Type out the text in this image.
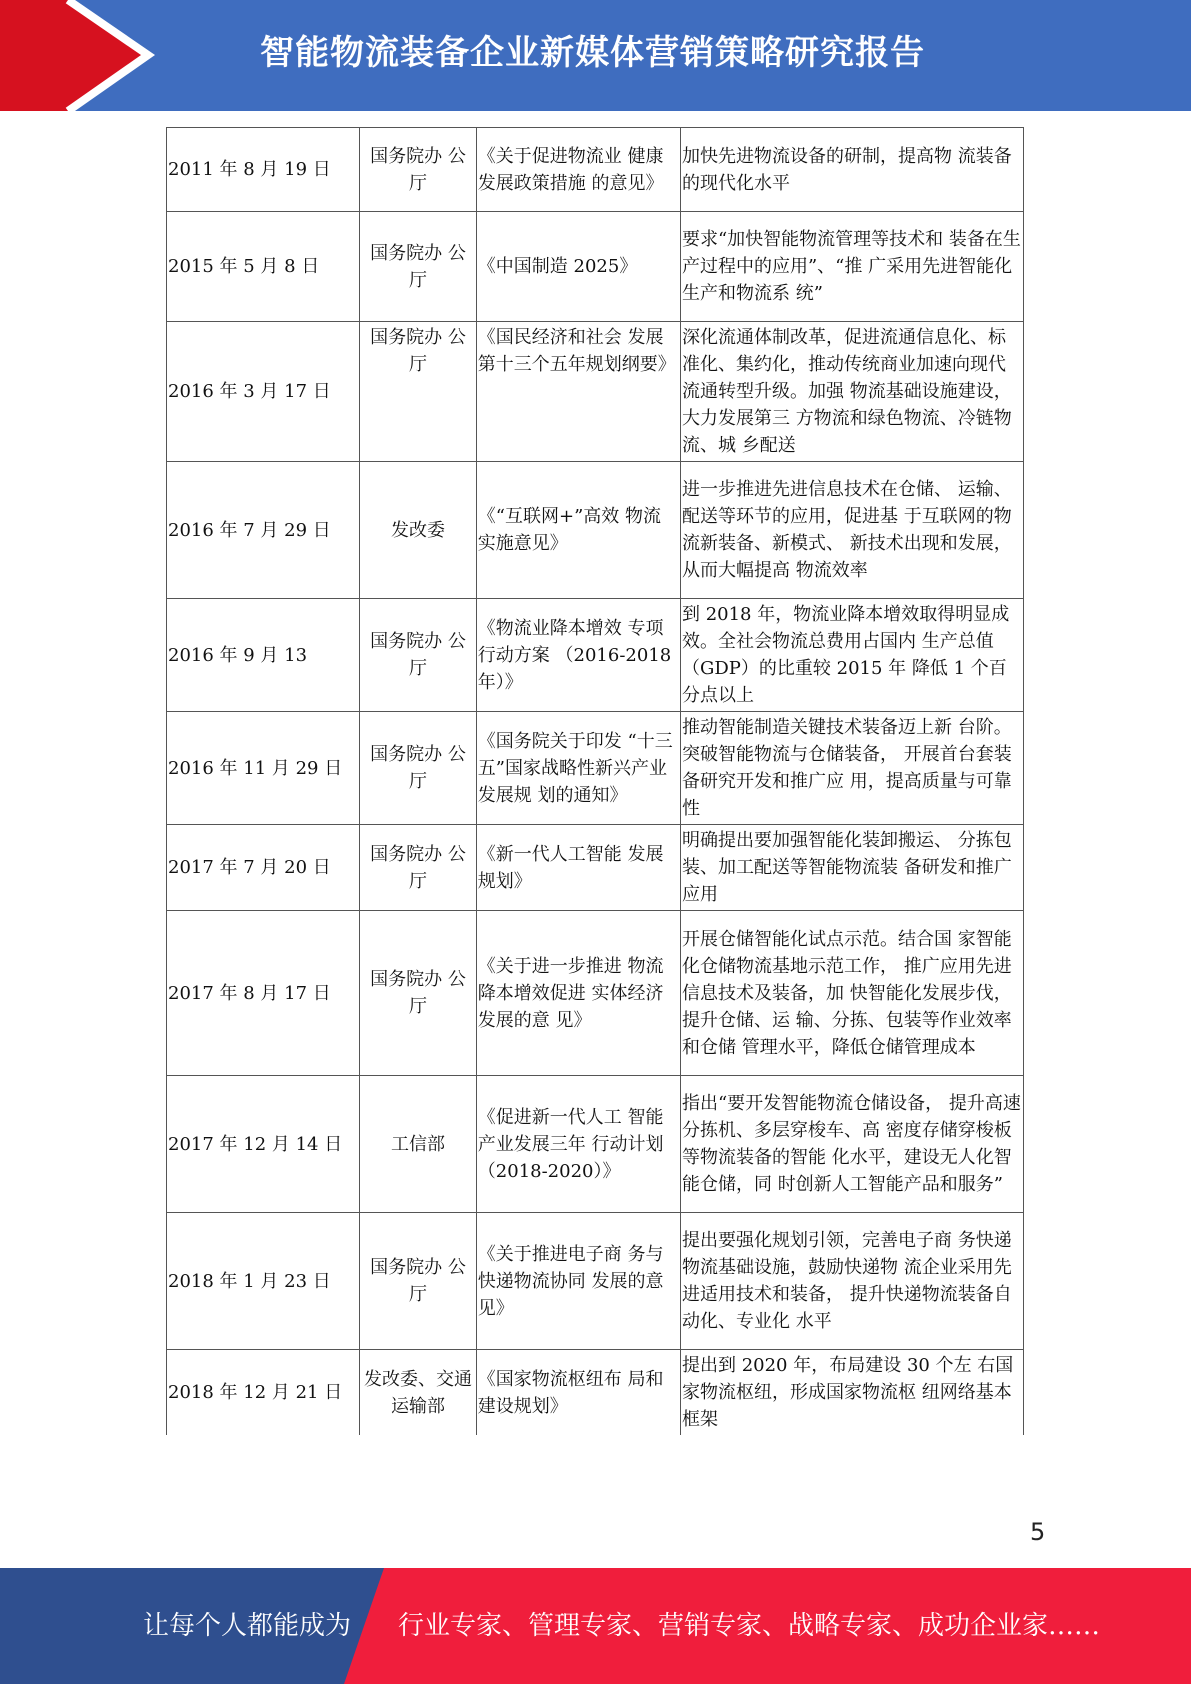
智能物流装备企业新媒体营销策略研究报告
2011 年 8 月 19 日	国务院办 公厅	《关于促进物流业 健康发展政策措施 的意见》	加快先进物流设备的研制，提高物 流装备的现代化水平
2015 年 5 月 8 日	国务院办 公厅	《中国制造 2025》	要求“加快智能物流管理等技术和 装备在生产过程中的应用”、“推 广采用先进智能化生产和物流系 统”
2016 年 3 月 17 日	国务院办 公厅	《国民经济和社会 发展第十三个五年规划纲要》	深化流通体制改革，促进流通信息化、标准化、集约化，推动传统商业加速向现代流通转型升级。加强 物流基础设施建设，大力发展第三 方物流和绿色物流、冷链物流、城 乡配送
2016 年 7 月 29 日	发改委	《“互联网+”高效 物流实施意见》	进一步推进先进信息技术在仓储、 运输、配送等环节的应用，促进基 于互联网的物流新装备、新模式、 新技术出现和发展，从而大幅提高 物流效率
2016 年 9 月 13	国务院办 公厅	《物流业降本增效 专项行动方案 （2016-2018 年）》	到 2018 年，物流业降本增效取得明显成效。全社会物流总费用占国内 生产总值（GDP）的比重较 2015 年 降低 1 个百分点以上
2016 年 11 月 29 日	国务院办 公厅	《国务院关于印发 “十三五”国家战略性新兴产业发展规 划的通知》	推动智能制造关键技术装备迈上新 台阶。突破智能物流与仓储装备， 开展首台套装备研究开发和推广应 用，提高质量与可靠性
2017 年 7 月 20 日	国务院办 公厅	《新一代人工智能 发展规划》	明确提出要加强智能化装卸搬运、 分拣包装、加工配送等智能物流装 备研发和推广应用
2017 年 8 月 17 日	国务院办 公厅	《关于进一步推进 物流降本增效促进 实体经济发展的意 见》	开展仓储智能化试点示范。结合国 家智能化仓储物流基地示范工作， 推广应用先进信息技术及装备，加 快智能化发展步伐，提升仓储、运 输、分拣、包装等作业效率和仓储 管理水平，降低仓储管理成本
2017 年 12 月 14 日	工信部	《促进新一代人工 智能产业发展三年 行动计划 （2018-2020）》	指出“要开发智能物流仓储设备， 提升高速分拣机、多层穿梭车、高 密度存储穿梭板等物流装备的智能 化水平，建设无人化智能仓储，同 时创新人工智能产品和服务”
2018 年 1 月 23 日	国务院办 公厅	《关于推进电子商 务与快递物流协同 发展的意见》	提出要强化规划引领，完善电子商 务快递物流基础设施，鼓励快递物 流企业采用先进适用技术和装备， 提升快递物流装备自动化、专业化 水平
2018 年 12 月 21 日	发改委、交通运输部	《国家物流枢纽布 局和建设规划》	提出到 2020 年，布局建设 30 个左 右国家物流枢纽，形成国家物流枢 纽网络基本框架
5
让每个人都能成为 行业专家、管理专家、营销专家、战略专家、成功企业家……
